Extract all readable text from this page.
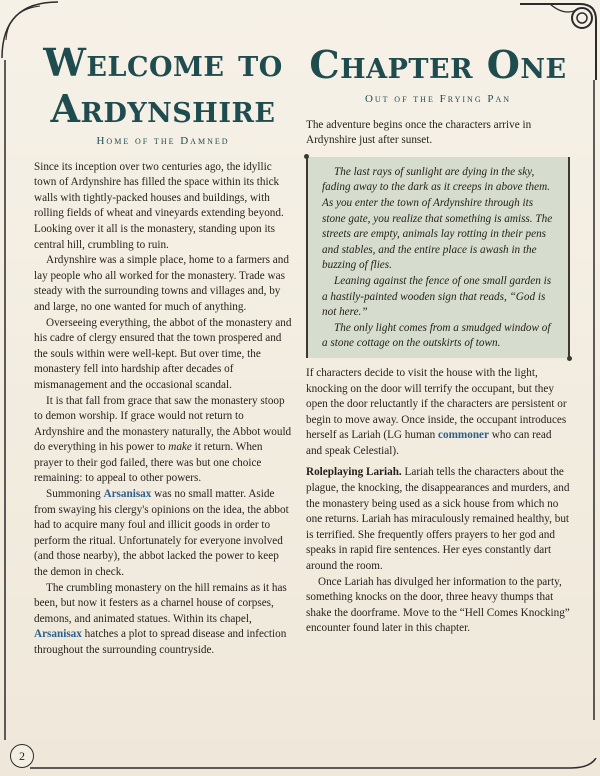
Welcome to
Ardynshire
Home of the Damned

Since its inception over two centuries ago, the idyllic town of Ardynshire has filled the space within its thick walls with tightly-packed houses and buildings, with rolling fields of wheat and vineyards extending beyond. Looking over it all is the monastery, standing upon its central hill, crumbling to ruin.

Ardynshire was a simple place, home to a farmers and lay people who all worked for the monastery. Trade was steady with the surrounding towns and villages and, by and large, no one wanted for much of anything.

Overseeing everything, the abbot of the monastery and his cadre of clergy ensured that the town prospered and the souls within were well-kept. But over time, the monastery fell into hardship after decades of mismanagement and the occasional scandal.

It is that fall from grace that saw the monastery stoop to demon worship. If grace would not return to Ardynshire and the monastery naturally, the Abbot would do everything in his power to make it return. When prayer to their god failed, there was but one choice remaining: to appeal to other powers.

Summoning Arsanisax was no small matter. Aside from swaying his clergy's opinions on the idea, the abbot had to acquire many foul and illicit goods in order to perform the ritual. Unfortunately for everyone involved (and those nearby), the abbot lacked the power to keep the demon in check.

The crumbling monastery on the hill remains as it has been, but now it festers as a charnel house of corpses, demons, and animated statues. Within its chapel, Arsanisax hatches a plot to spread disease and infection throughout the surrounding countryside.

Chapter One
Out of the Frying Pan

The adventure begins once the characters arrive in Ardynshire just after sunset.

The last rays of sunlight are dying in the sky, fading away to the dark as it creeps in above them. As you enter the town of Ardynshire through its stone gate, you realize that something is amiss. The streets are empty, animals lay rotting in their pens and stables, and the entire place is awash in the buzzing of flies.

Leaning against the fence of one small garden is a hastily-painted wooden sign that reads, “God is not here.”

The only light comes from a smudged window of a stone cottage on the outskirts of town.

If characters decide to visit the house with the light, knocking on the door will terrify the occupant, but they open the door reluctantly if the characters are persistent or begin to move away. Once inside, the occupant introduces herself as Lariah (LG human commoner who can read and speak Celestial).

Roleplaying Lariah. Lariah tells the characters about the plague, the knocking, the disappearances and murders, and the monastery being used as a sick house from which no one returns. Lariah has miraculously remained healthy, but is terrified. She frequently offers prayers to her god and speaks in rapid fire sentences. Her eyes constantly dart around the room.

Once Lariah has divulged her information to the party, something knocks on the door, three heavy thumps that shake the doorframe. Move to the “Hell Comes Knocking” encounter found later in this chapter.

2
